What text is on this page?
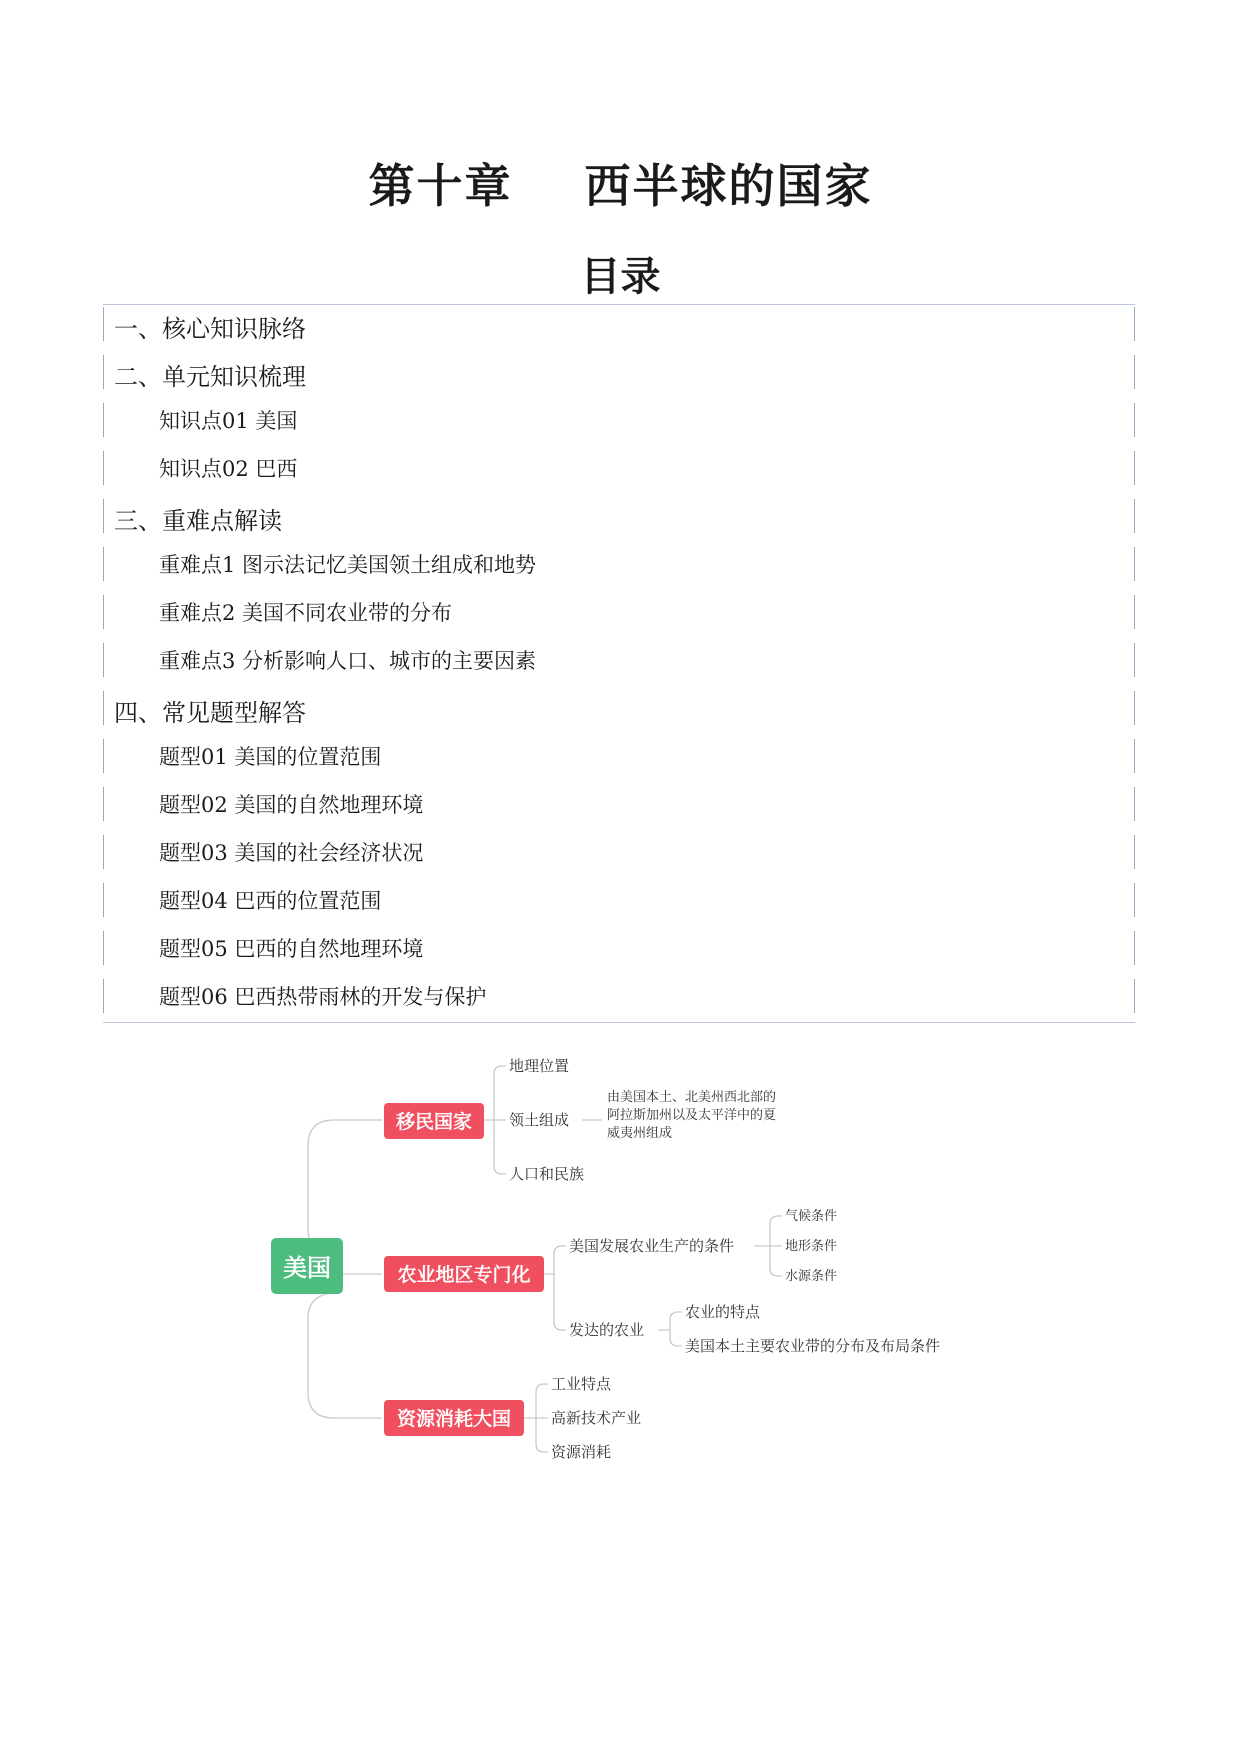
第十章    西半球的国家
目录
一、核心知识脉络
二、单元知识梳理
知识点01 美国
知识点02 巴西
三、重难点解读
重难点1 图示法记忆美国领土组成和地势
重难点2 美国不同农业带的分布
重难点3 分析影响人口、城市的主要因素
四、常见题型解答
题型01 美国的位置范围
题型02 美国的自然地理环境
题型03 美国的社会经济状况
题型04 巴西的位置范围
题型05 巴西的自然地理环境
题型06 巴西热带雨林的开发与保护
美国
移民国家
农业地区专门化
资源消耗大国
地理位置
领土组成
人口和民族
由美国本土、北美州西北部的
阿拉斯加州以及太平洋中的夏
威夷州组成
美国发展农业生产的条件
发达的农业
气候条件
地形条件
水源条件
农业的特点
美国本土主要农业带的分布及布局条件
工业特点
高新技术产业
资源消耗
